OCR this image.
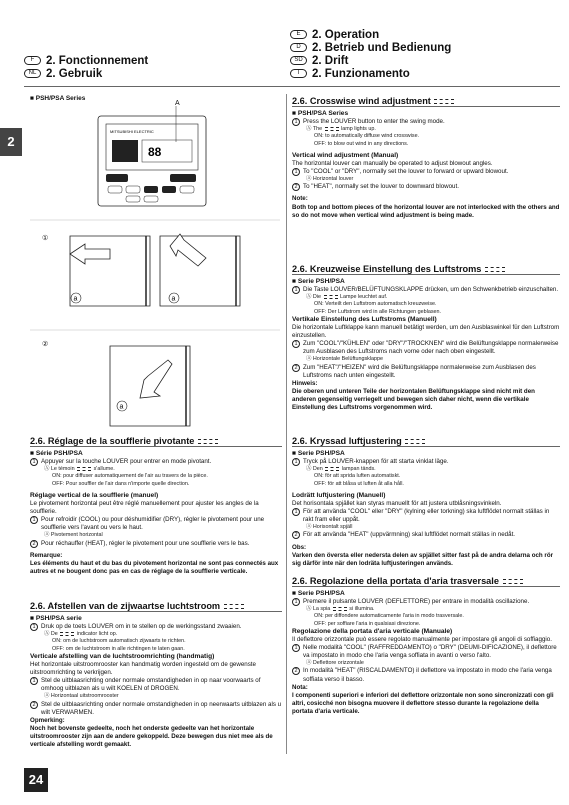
E	2. Operation
D 2. Betrieb und Bedienung
SD 2. Drift
I	2. Funzionamento
F	2. Fonctionnement
NL 2. Gebruik
2
■ PSH/PSA Series
A
MITSUBISHI ELECTRIC
88
a	a
a
①
②
2.6. Crosswise wind adjustment
■ PSH/PSA Series
1 Press the LOUVER button to enter the swing mode.
Ⓐ The	lamp lights up.
ON: to automatically diffuse wind crosswise.
OFF: to blow out wind in any directions.
Vertical wind adjustment (Manual)
The horizontal louver can manually be operated to adjust blowout angles.
1 To "COOL" or "DRY", normally set the louver to forward or upward blowout.
ⓐ Horizontal louver
2 To "HEAT", normally set the louver to downward blowout.
Note:
Both top and bottom pieces of the horizontal louver are not interlocked with the others and so do not move when vertical wind adjustment is being made.
2.6. Kreuzweise Einstellung des Luftstroms
■ Serie PSH/PSA
1 Die Taste LOUVER/BELÜFTUNGSKLAPPE drücken, um den Schwenkbetrieb einzuschalten.
Ⓐ Die	Lampe leuchtet auf.
ON: Verteilt den Luftstrom automatisch kreuzweise.
OFF: Der Luftstrom wird in alle Richtungen geblasen.
Vertikale Einstellung des Luftstroms (Manuell)
Die horizontale Luftklappe kann manuell betätigt werden, um den Ausblaswinkel für den Luftstrom einzustellen.
1 Zum "COOL"/"KÜHLEN" oder "DRY"/"TROCKNEN" wird die Belüftungsklappe normalerweise zum Ausblasen des Luftstroms nach vorne oder nach oben eingestellt.
ⓐ Horizontale Belüftungsklappe
2 Zum "HEAT"/"HEIZEN" wird die Belüftungsklappe normalerweise zum Ausblasen des Luftstroms nach unten eingestellt.
Hinweis:
Die oberen und unteren Teile der horizontalen Belüftungsklappe sind nicht mit den anderen gegenseitig verriegelt und bewegen sich daher nicht, wenn die vertikale Einstellung des Luftstroms vorgenommen wird.
2.6. Kryssad luftjustering
■ Serie PSH/PSA
1 Tryck på LOUVER-knappen för att starta vinklat läge.
Ⓐ Den	lampan tänds.
ON: för att sprida luften automatiskt.
OFF: för att blåsa ut luften åt alla håll.
Lodrätt luftjustering (Manuell)
Det horisontala spjället kan styras manuellt för att justera utblåsningsvinkeln.
1 För att använda "COOL" eller "DRY" (kylning eller torkning) ska luftflödet normalt ställas in rakt fram eller uppåt.
ⓐ Horisontalt spjäll
2 För att använda "HEAT" (uppvärmning) skal luftflödet normalt ställas in nedåt.
Obs:
Varken den översta eller nedersta delen av spjället sitter fast på de andra delarna och rör sig därför inte när den lodräta luftjusteringen används.
2.6. Regolazione della portata d'aria trasversale
■ Serie PSH/PSA
1 Premere il pulsante LOUVER (DEFLETTORE) per entrare in modalità oscillazione.
Ⓐ La spia	si illumina.
ON: per diffondere automaticamente l'aria in modo trasversale.
OFF: per soffiare l'aria in qualsiasi direzione.
Regolazione della portata d'aria verticale (Manuale)
Il deflettore orizzontale può essere regolato manualmente per impostare gli angoli di soffiaggio.
1 Nelle modalità "COOL" (RAFFREDDAMENTO) o "DRY" (DEUMI-DIFICAZIONE), il deflettore va impostato in modo che l'aria venga soffiata in avanti o verso l'alto.
ⓐ Deflettore orizzontale
2 In modalità "HEAT" (RISCALDAMENTO) il deflettore va impostato in modo che l'aria venga soffiata verso il basso.
Nota:
I componenti superiori e inferiori del deflettore orizzontale non sono sincronizzati con gli altri, cosicché non bisogna muovere il deflettore stesso durante la regolazione della portata d'aria verticale.
2.6. Réglage de la soufflerie pivotante
■ Série PSH/PSA
1 Appuyer sur la touche LOUVER pour entrer en mode pivotant.
Ⓐ Le témoin	s'allume.
ON: pour diffuser automatiquement de l'air au travers de la pièce.
OFF: Pour souffler de l'air dans n'importe quelle direction.
Réglage vertical de la soufflerie (manuel)
Le pivotement horizontal peut être réglé manuellement pour ajuster les angles de la soufflerie.
1 Pour refroidir (COOL) ou pour déshumidifier (DRY), régler le pivotement pour une soufflerie vers l'avant ou vers le haut.
ⓐ Pivotement horizontal
2 Pour réchauffer (HEAT), régler le pivotement pour une soufflerie vers le bas.
Remarque:
Les éléments du haut et du bas du pivotement horizontal ne sont pas connectés aux autres et ne bougent donc pas en cas de réglage de la soufflerie verticale.
2.6. Afstellen van de zijwaartse luchtstroom
■ PSH/PSA serie
1 Druk op de toets LOUVER om in te stellen op de werkingsstand zwaaien.
Ⓐ De	indicator licht op.
ON: om de luchtstroom automatisch zijwaarts te richten.
OFF: om de luchtstroom in alle richtingen te laten gaan.
Verticale afstelling van de luchtstroomrichting (handmatig)
Het horizontale uitstroomrooster kan handmatig worden ingesteld om de gewenste uitstroomrichting te verkrijgen.
1 Stel de uitblaasrichting onder normale omstandigheden in op naar voorwaarts of omhoog uitblazen als u wilt KOELEN of DROGEN.
ⓐ Horizontaal uitstroomrooster
2 Stel de uitblaasrichting onder normale omstandigheden in op neerwaarts uitblazen als u wilt VERWARMEN.
Opmerking:
Noch het bovenste gedeelte, noch het onderste gedeelte van het horizontale uitstroomrooster zijn aan de andere gekoppeld. Deze bewegen dus niet mee als de verticale afstelling wordt gemaakt.
24
